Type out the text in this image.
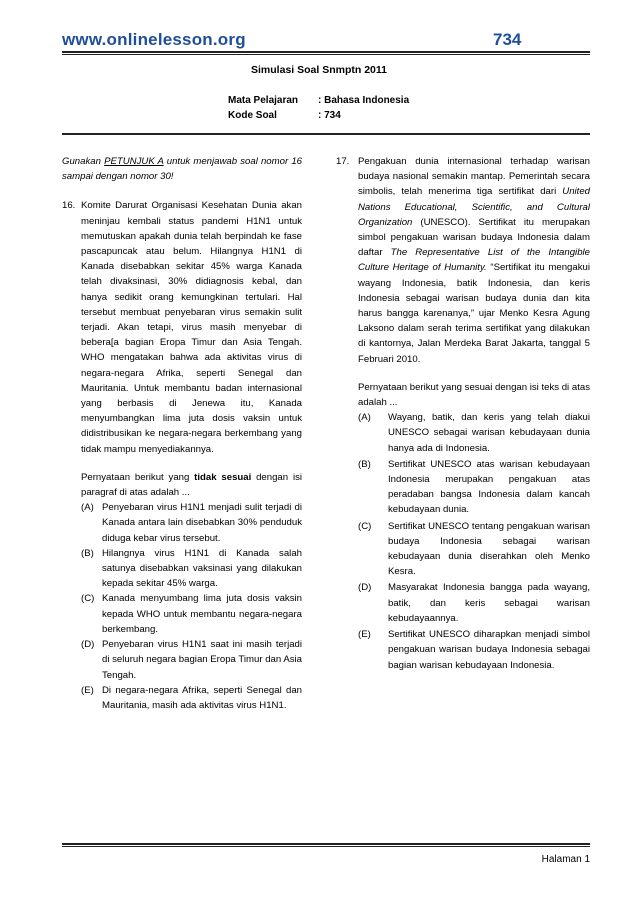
www.onlinelesson.org	734
Simulasi Soal Snmptn 2011
Mata Pelajaran	: Bahasa Indonesia
Kode Soal	: 734
Gunakan PETUNJUK A untuk menjawab soal nomor 16 sampai dengan nomor 30!
16. Komite Darurat Organisasi Kesehatan Dunia akan meninjau kembali status pandemi H1N1 untuk memutuskan apakah dunia telah berpindah ke fase pascapuncak atau belum. Hilangnya H1N1 di Kanada disebabkan sekitar 45% warga Kanada telah divaksinasi, 30% didiagnosis kebal, dan hanya sedikit orang kemungkinan tertulari. Hal tersebut membuat penyebaran virus semakin sulit terjadi. Akan tetapi, virus masih menyebar di bebera[a bagian Eropa Timur dan Asia Tengah. WHO mengatakan bahwa ada aktivitas virus di negara-negara Afrika, seperti Senegal dan Mauritania. Untuk membantu badan internasional yang berbasis di Jenewa itu, Kanada menyumbangkan lima juta dosis vaksin untuk didistribusikan ke negara-negara berkembang yang tidak mampu menyediakannya.

Pernyataan berikut yang tidak sesuai dengan isi paragraf di atas adalah ...

(A) Penyebaran virus H1N1 menjadi sulit terjadi di Kanada antara lain disebabkan 30% penduduk diduga kebar virus tersebut.
(B) Hilangnya virus H1N1 di Kanada salah satunya disebabkan vaksinasi yang dilakukan kepada sekitar 45% warga.
(C) Kanada menyumbang lima juta dosis vaksin kepada WHO untuk membantu negara-negara berkembang.
(D) Penyebaran virus H1N1 saat ini masih terjadi di seluruh negara bagian Eropa Timur dan Asia Tengah.
(E) Di negara-negara Afrika, seperti Senegal dan Mauritania, masih ada aktivitas virus H1N1.
17. Pengakuan dunia internasional terhadap warisan budaya nasional semakin mantap. Pemerintah secara simbolis, telah menerima tiga sertifikat dari United Nations Educational, Scientific, and Cultural Organization (UNESCO). Sertifikat itu merupakan simbol pengakuan warisan budaya Indonesia dalam daftar The Representative List of the Intangible Culture Heritage of Humanity. “Sertifikat itu mengakui wayang Indonesia, batik Indonesia, dan keris Indonesia sebagai warisan budaya dunia dan kita harus bangga karenanya,” ujar Menko Kesra Agung Laksono dalam serah terima sertifikat yang dilakukan di kantornya, Jalan Merdeka Barat Jakarta, tanggal 5 Februari 2010.

Pernyataan berikut yang sesuai dengan isi teks di atas adalah ...

(A)	Wayang, batik, dan keris yang telah diakui UNESCO sebagai warisan kebudayaan dunia hanya ada di Indonesia.
(B)	Sertifikat UNESCO atas warisan kebudayaan Indonesia merupakan pengakuan atas peradaban bangsa Indonesia dalam kancah kebudayaan dunia.
(C)	Sertifikat UNESCO tentang pengakuan warisan budaya Indonesia sebagai warisan kebudayaan dunia diserahkan oleh Menko Kesra.
(D)	Masyarakat Indonesia bangga pada wayang, batik, dan keris sebagai warisan kebudayaannya.
(E)	Sertifikat UNESCO diharapkan menjadi simbol pengakuan warisan budaya Indonesia sebagai bagian warisan kebudayaan Indonesia.
Halaman 1
